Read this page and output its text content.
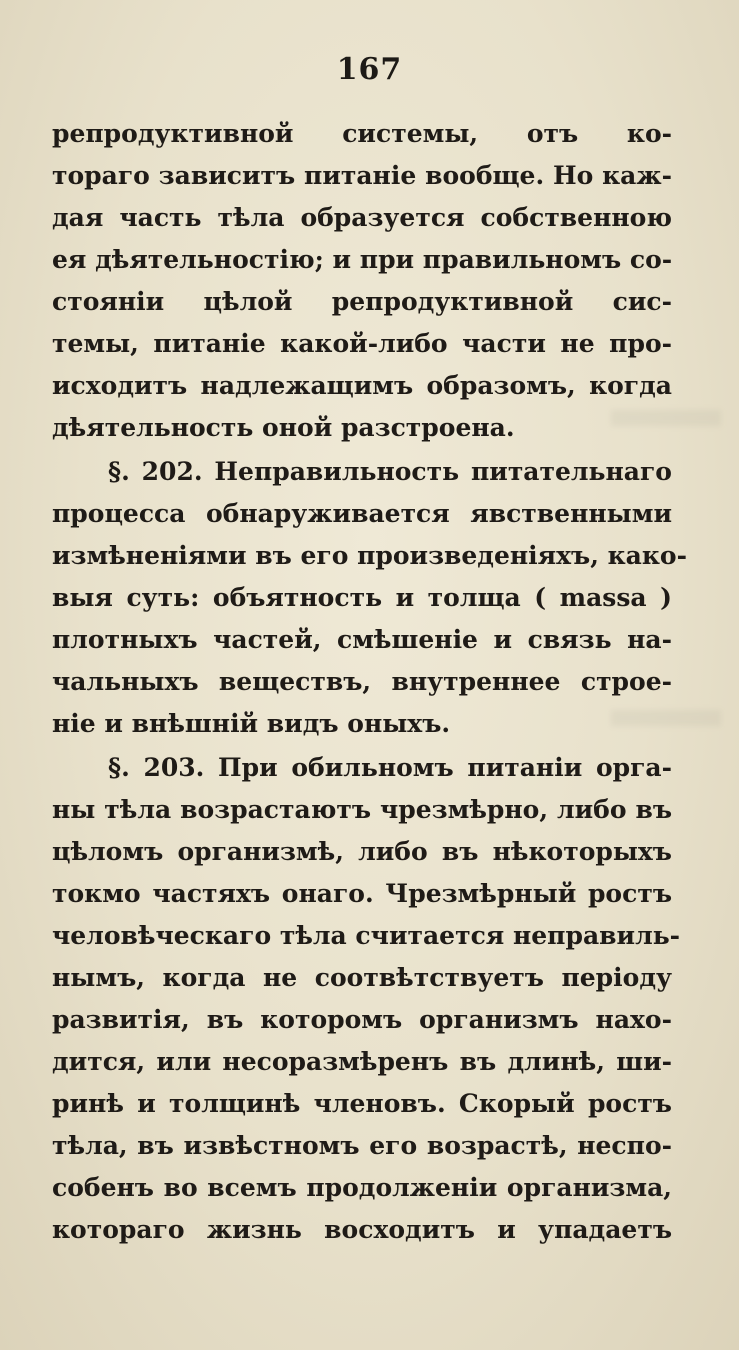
167
репродуктивной системы, отъ ко-
тораго зависитъ питаніе вообще. Но каж-
дая часть тѣла образуется собственною
ея дѣятельностію; и при правильномъ со-
стояніи цѣлой репродуктивной сис-
темы, питаніе какой-либо части не про-
исходитъ надлежащимъ образомъ, когда
дѣятельность оной разстроена.
§. 202. Неправильность питательнаго
процесса обнаруживается явственными
измѣненіями въ его произведеніяхъ, како-
выя суть: объятность и толща ( massa )
плотныхъ частей, смѣшеніе и связь на-
чальныхъ веществъ, внутреннее строе-
ніе и внѣшній видъ оныхъ.
§. 203. При обильномъ питаніи орга-
ны тѣла возрастаютъ чрезмѣрно, либо въ
цѣломъ организмѣ, либо въ нѣкоторыхъ
токмо частяхъ онаго. Чрезмѣрный ростъ
человѣческаго тѣла считается неправиль-
нымъ, когда не соотвѣтствуетъ періоду
развитія, въ которомъ организмъ нахо-
дится, или несоразмѣренъ въ длинѣ, ши-
ринѣ и толщинѣ членовъ. Скорый ростъ
тѣла, въ извѣстномъ его возрастѣ, неспо-
собенъ во всемъ продолженіи организма,
котораго жизнь восходитъ и упадаетъ
